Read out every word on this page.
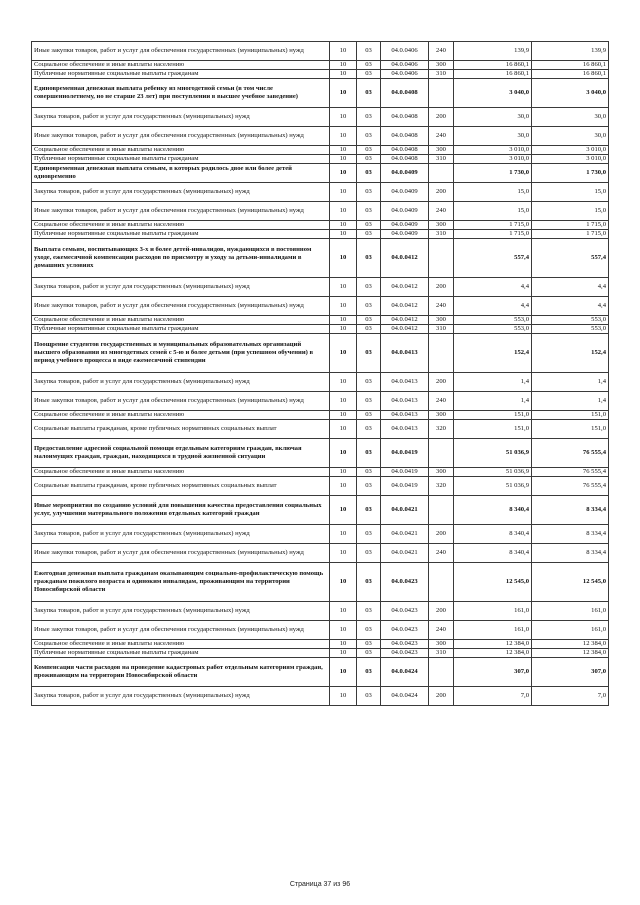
Иные закупки товаров, работ и услуг для обеспечения государственных (муниципальных) нужд	10	03	04.0.0406	240	139,9	139,9
Социальное обеспечение и иные выплаты населению	10	03	04.0.0406	300	16 860,1	16 860,1
Публичные нормативные социальные выплаты гражданам	10	03	04.0.0406	310	16 860,1	16 860,1
Единовременная денежная выплата ребенку из многодетной семьи (в том числе совершеннолетнему, но не старше 23 лет) при поступлении в высшее учебное заведение)	10	03	04.0.0408		3 040,0	3 040,0
Закупка товаров, работ и услуг для государственных (муниципальных) нужд	10	03	04.0.0408	200	30,0	30,0
Иные закупки товаров, работ и услуг для обеспечения государственных (муниципальных) нужд	10	03	04.0.0408	240	30,0	30,0
Социальное обеспечение и иные выплаты населению	10	03	04.0.0408	300	3 010,0	3 010,0
Публичные нормативные социальные выплаты гражданам	10	03	04.0.0408	310	3 010,0	3 010,0
Единовременная денежная выплата семьям, в которых родилось двое или более детей одновременно	10	03	04.0.0409		1 730,0	1 730,0
Закупка товаров, работ и услуг для государственных (муниципальных) нужд	10	03	04.0.0409	200	15,0	15,0
Иные закупки товаров, работ и услуг для обеспечения государственных (муниципальных) нужд	10	03	04.0.0409	240	15,0	15,0
Социальное обеспечение и иные выплаты населению	10	03	04.0.0409	300	1 715,0	1 715,0
Публичные нормативные социальные выплаты гражданам	10	03	04.0.0409	310	1 715,0	1 715,0
Выплата семьям, воспитывающих 3-х и более детей-инвалидов, нуждающихся в постоянном уходе, ежемесячной компенсации расходов по присмотру и уходу за детьми-инвалидами в домашних условиях	10	03	04.0.0412		557,4	557,4
Закупка товаров, работ и услуг для государственных (муниципальных) нужд	10	03	04.0.0412	200	4,4	4,4
Иные закупки товаров, работ и услуг для обеспечения государственных (муниципальных) нужд	10	03	04.0.0412	240	4,4	4,4
Социальное обеспечение и иные выплаты населению	10	03	04.0.0412	300	553,0	553,0
Публичные нормативные социальные выплаты гражданам	10	03	04.0.0412	310	553,0	553,0
Поощрение студентов государственных и муниципальных образовательных организаций высшего образования из многодетных семей с 5-ю и более детьми (при успешном обучении) в период учебного процесса в виде ежемесячной стипендии	10	03	04.0.0413		152,4	152,4
Закупка товаров, работ и услуг для государственных (муниципальных) нужд	10	03	04.0.0413	200	1,4	1,4
Иные закупки товаров, работ и услуг для обеспечения государственных (муниципальных) нужд	10	03	04.0.0413	240	1,4	1,4
Социальное обеспечение и иные выплаты населению	10	03	04.0.0413	300	151,0	151,0
Социальные выплаты гражданам, кроме публичных нормативных социальных выплат	10	03	04.0.0413	320	151,0	151,0
Предоставление адресной социальной помощи отдельным категориям граждан, включая малоимущих граждан, граждан, находящихся в трудной жизненной ситуации	10	03	04.0.0419		51 036,9	76 555,4
Социальное обеспечение и иные выплаты населению	10	03	04.0.0419	300	51 036,9	76 555,4
Социальные выплаты гражданам, кроме публичных нормативных социальных выплат	10	03	04.0.0419	320	51 036,9	76 555,4
Иные мероприятия по созданию условий для повышения качества предоставления социальных услуг, улучшения материального положения отдельных категорий граждан	10	03	04.0.0421		8 340,4	8 334,4
Закупка товаров, работ и услуг для государственных (муниципальных) нужд	10	03	04.0.0421	200	8 340,4	8 334,4
Иные закупки товаров, работ и услуг для обеспечения государственных (муниципальных) нужд	10	03	04.0.0421	240	8 340,4	8 334,4
Ежегодная денежная выплата гражданам оказывающим социально-профилактическую помощь гражданам пожилого возраста и одиноким инвалидам, проживающим на территории Новосибирской области	10	03	04.0.0423		12 545,0	12 545,0
Закупка товаров, работ и услуг для государственных (муниципальных) нужд	10	03	04.0.0423	200	161,0	161,0
Иные закупки товаров, работ и услуг для обеспечения государственных (муниципальных) нужд	10	03	04.0.0423	240	161,0	161,0
Социальное обеспечение и иные выплаты населению	10	03	04.0.0423	300	12 384,0	12 384,0
Публичные нормативные социальные выплаты гражданам	10	03	04.0.0423	310	12 384,0	12 384,0
Компенсация части расходов на проведение кадастровых работ отдельным категориям граждан, проживающим на территории Новосибирской области	10	03	04.0.0424		307,0	307,0
Закупка товаров, работ и услуг для государственных (муниципальных) нужд	10	03	04.0.0424	200	7,0	7,0
Страница 37 из 96
